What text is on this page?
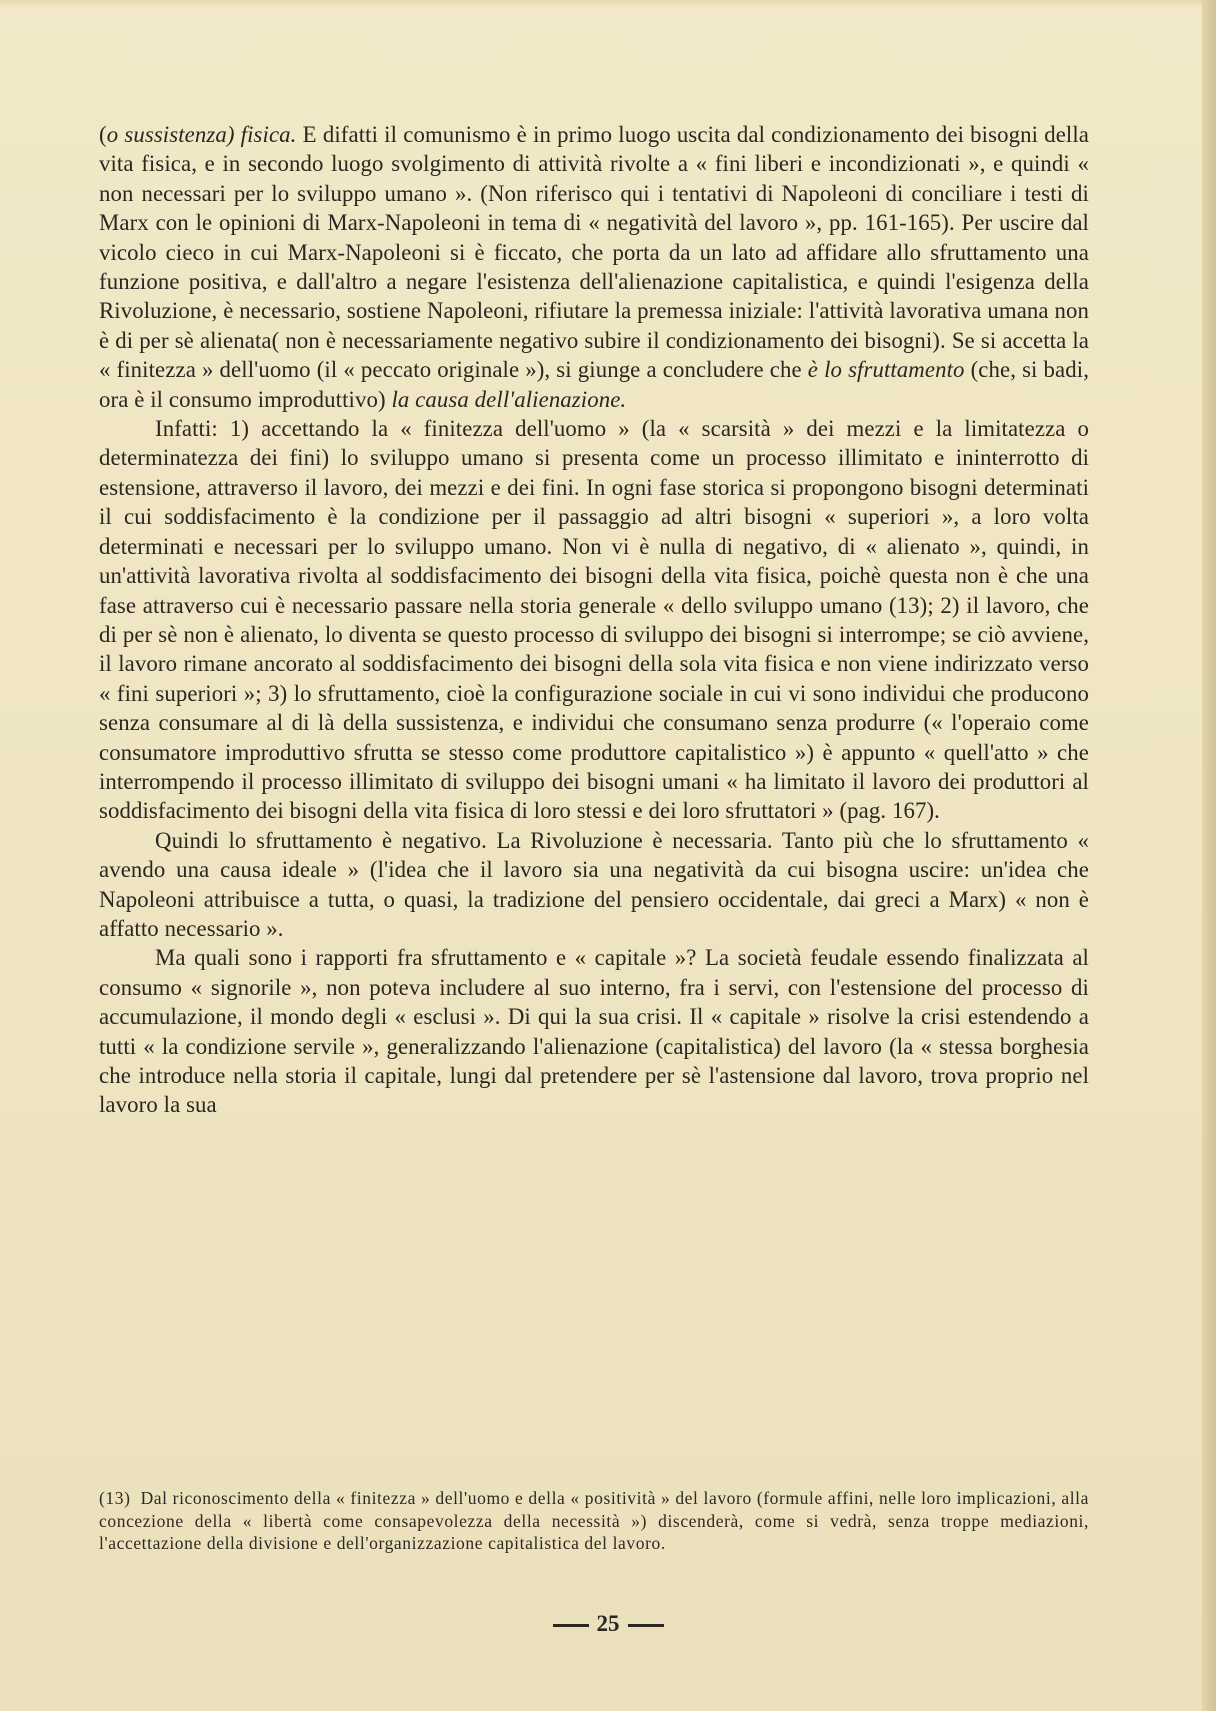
(o sussistenza) fisica. E difatti il comunismo è in primo luogo uscita dal condizionamento dei bisogni della vita fisica, e in secondo luogo svolgimento di attività rivolte a « fini liberi e incondizionati », e quindi « non necessari per lo sviluppo umano ». (Non riferisco qui i tentativi di Napoleoni di conciliare i testi di Marx con le opinioni di Marx-Napoleoni in tema di « negatività del lavoro », pp. 161-165). Per uscire dal vicolo cieco in cui Marx-Napoleoni si è ficcato, che porta da un lato ad affidare allo sfruttamento una funzione positiva, e dall'altro a negare l'esistenza dell'alienazione capitalistica, e quindi l'esigenza della Rivoluzione, è necessario, sostiene Napoleoni, rifiutare la premessa iniziale: l'attività lavorativa umana non è di per sè alienata( non è necessariamente negativo subire il condizionamento dei bisogni). Se si accetta la « finitezza » dell'uomo (il « peccato originale »), si giunge a concludere che è lo sfruttamento (che, si badi, ora è il consumo improduttivo) la causa dell'alienazione.

Infatti: 1) accettando la « finitezza dell'uomo » (la « scarsità » dei mezzi e la limitatezza o determinatezza dei fini) lo sviluppo umano si presenta come un processo illimitato e ininterrotto di estensione, attraverso il lavoro, dei mezzi e dei fini. In ogni fase storica si propongono bisogni determinati il cui soddisfacimento è la condizione per il passaggio ad altri bisogni « superiori », a loro volta determinati e necessari per lo sviluppo umano. Non vi è nulla di negativo, di « alienato », quindi, in un'attività lavorativa rivolta al soddisfacimento dei bisogni della vita fisica, poichè questa non è che una fase attraverso cui è necessario passare nella storia generale « dello sviluppo umano (13); 2) il lavoro, che di per sè non è alienato, lo diventa se questo processo di sviluppo dei bisogni si interrompe; se ciò avviene, il lavoro rimane ancorato al soddisfacimento dei bisogni della sola vita fisica e non viene indirizzato verso « fini superiori »; 3) lo sfruttamento, cioè la configurazione sociale in cui vi sono individui che producono senza consumare al di là della sussistenza, e individui che consumano senza produrre (« l'operaio come consumatore improduttivo sfrutta se stesso come produttore capitalistico ») è appunto « quell'atto » che interrompendo il processo illimitato di sviluppo dei bisogni umani « ha limitato il lavoro dei produttori al soddisfacimento dei bisogni della vita fisica di loro stessi e dei loro sfruttatori » (pag. 167).

Quindi lo sfruttamento è negativo. La Rivoluzione è necessaria. Tanto più che lo sfruttamento « avendo una causa ideale » (l'idea che il lavoro sia una negatività da cui bisogna uscire: un'idea che Napoleoni attribuisce a tutta, o quasi, la tradizione del pensiero occidentale, dai greci a Marx) « non è affatto necessario ».

Ma quali sono i rapporti fra sfruttamento e « capitale »? La società feudale essendo finalizzata al consumo « signorile », non poteva includere al suo interno, fra i servi, con l'estensione del processo di accumulazione, il mondo degli « esclusi ». Di qui la sua crisi. Il « capitale » risolve la crisi estendendo a tutti « la condizione servile », generalizzando l'alienazione (capitalistica) del lavoro (la « stessa borghesia che introduce nella storia il capitale, lungi dal pretendere per sè l'astensione dal lavoro, trova proprio nel lavoro la sua

(13) Dal riconoscimento della « finitezza » dell'uomo e della « positività » del lavoro (formule affini, nelle loro implicazioni, alla concezione della « libertà come consapevolezza della necessità ») discenderà, come si vedrà, senza troppe mediazioni, l'accettazione della divisione e dell'organizzazione capitalistica del lavoro.
25
